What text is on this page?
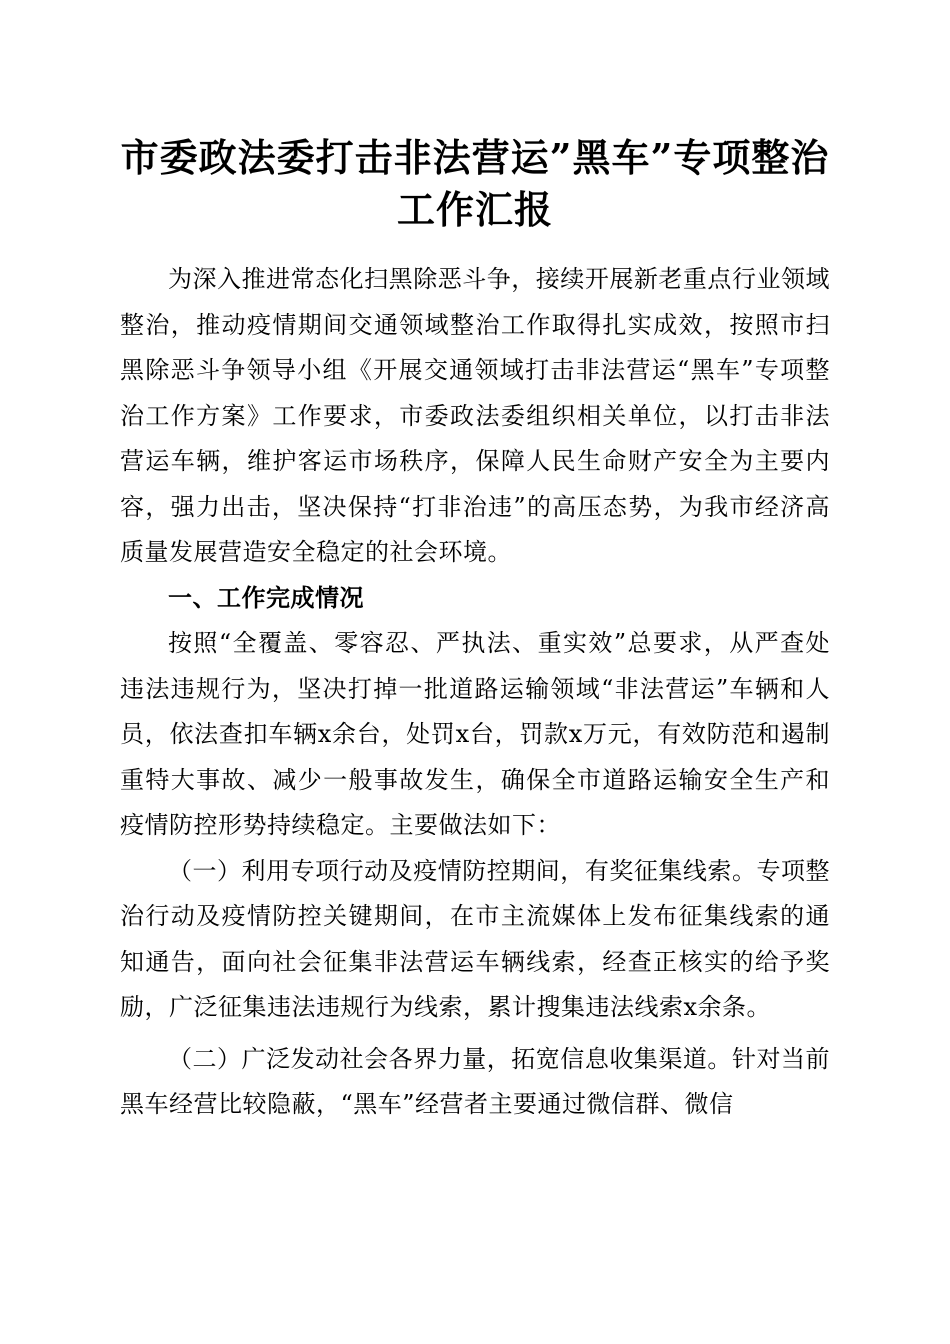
市委政法委打击非法营运”黑车”专项整治工作汇报

为深入推进常态化扫黑除恶斗争，接续开展新老重点行业领域整治，推动疫情期间交通领域整治工作取得扎实成效，按照市扫黑除恶斗争领导小组《开展交通领域打击非法营运“黑车”专项整治工作方案》工作要求，市委政法委组织相关单位，以打击非法营运车辆，维护客运市场秩序，保障人民生命财产安全为主要内容，强力出击，坚决保持“打非治违”的高压态势，为我市经济高质量发展营造安全稳定的社会环境。

一、工作完成情况

按照“全覆盖、零容忍、严执法、重实效”总要求，从严查处违法违规行为，坚决打掉一批道路运输领域“非法营运”车辆和人员，依法查扣车辆x余台，处罚x台，罚款x万元，有效防范和遏制重特大事故、减少一般事故发生，确保全市道路运输安全生产和疫情防控形势持续稳定。主要做法如下：

（一）利用专项行动及疫情防控期间，有奖征集线索。专项整治行动及疫情防控关键期间，在市主流媒体上发布征集线索的通知通告，面向社会征集非法营运车辆线索，经查正核实的给予奖励，广泛征集违法违规行为线索，累计搜集违法线索x余条。

（二）广泛发动社会各界力量，拓宽信息收集渠道。针对当前黑车经营比较隐蔽，“黑车”经营者主要通过微信群、微信
